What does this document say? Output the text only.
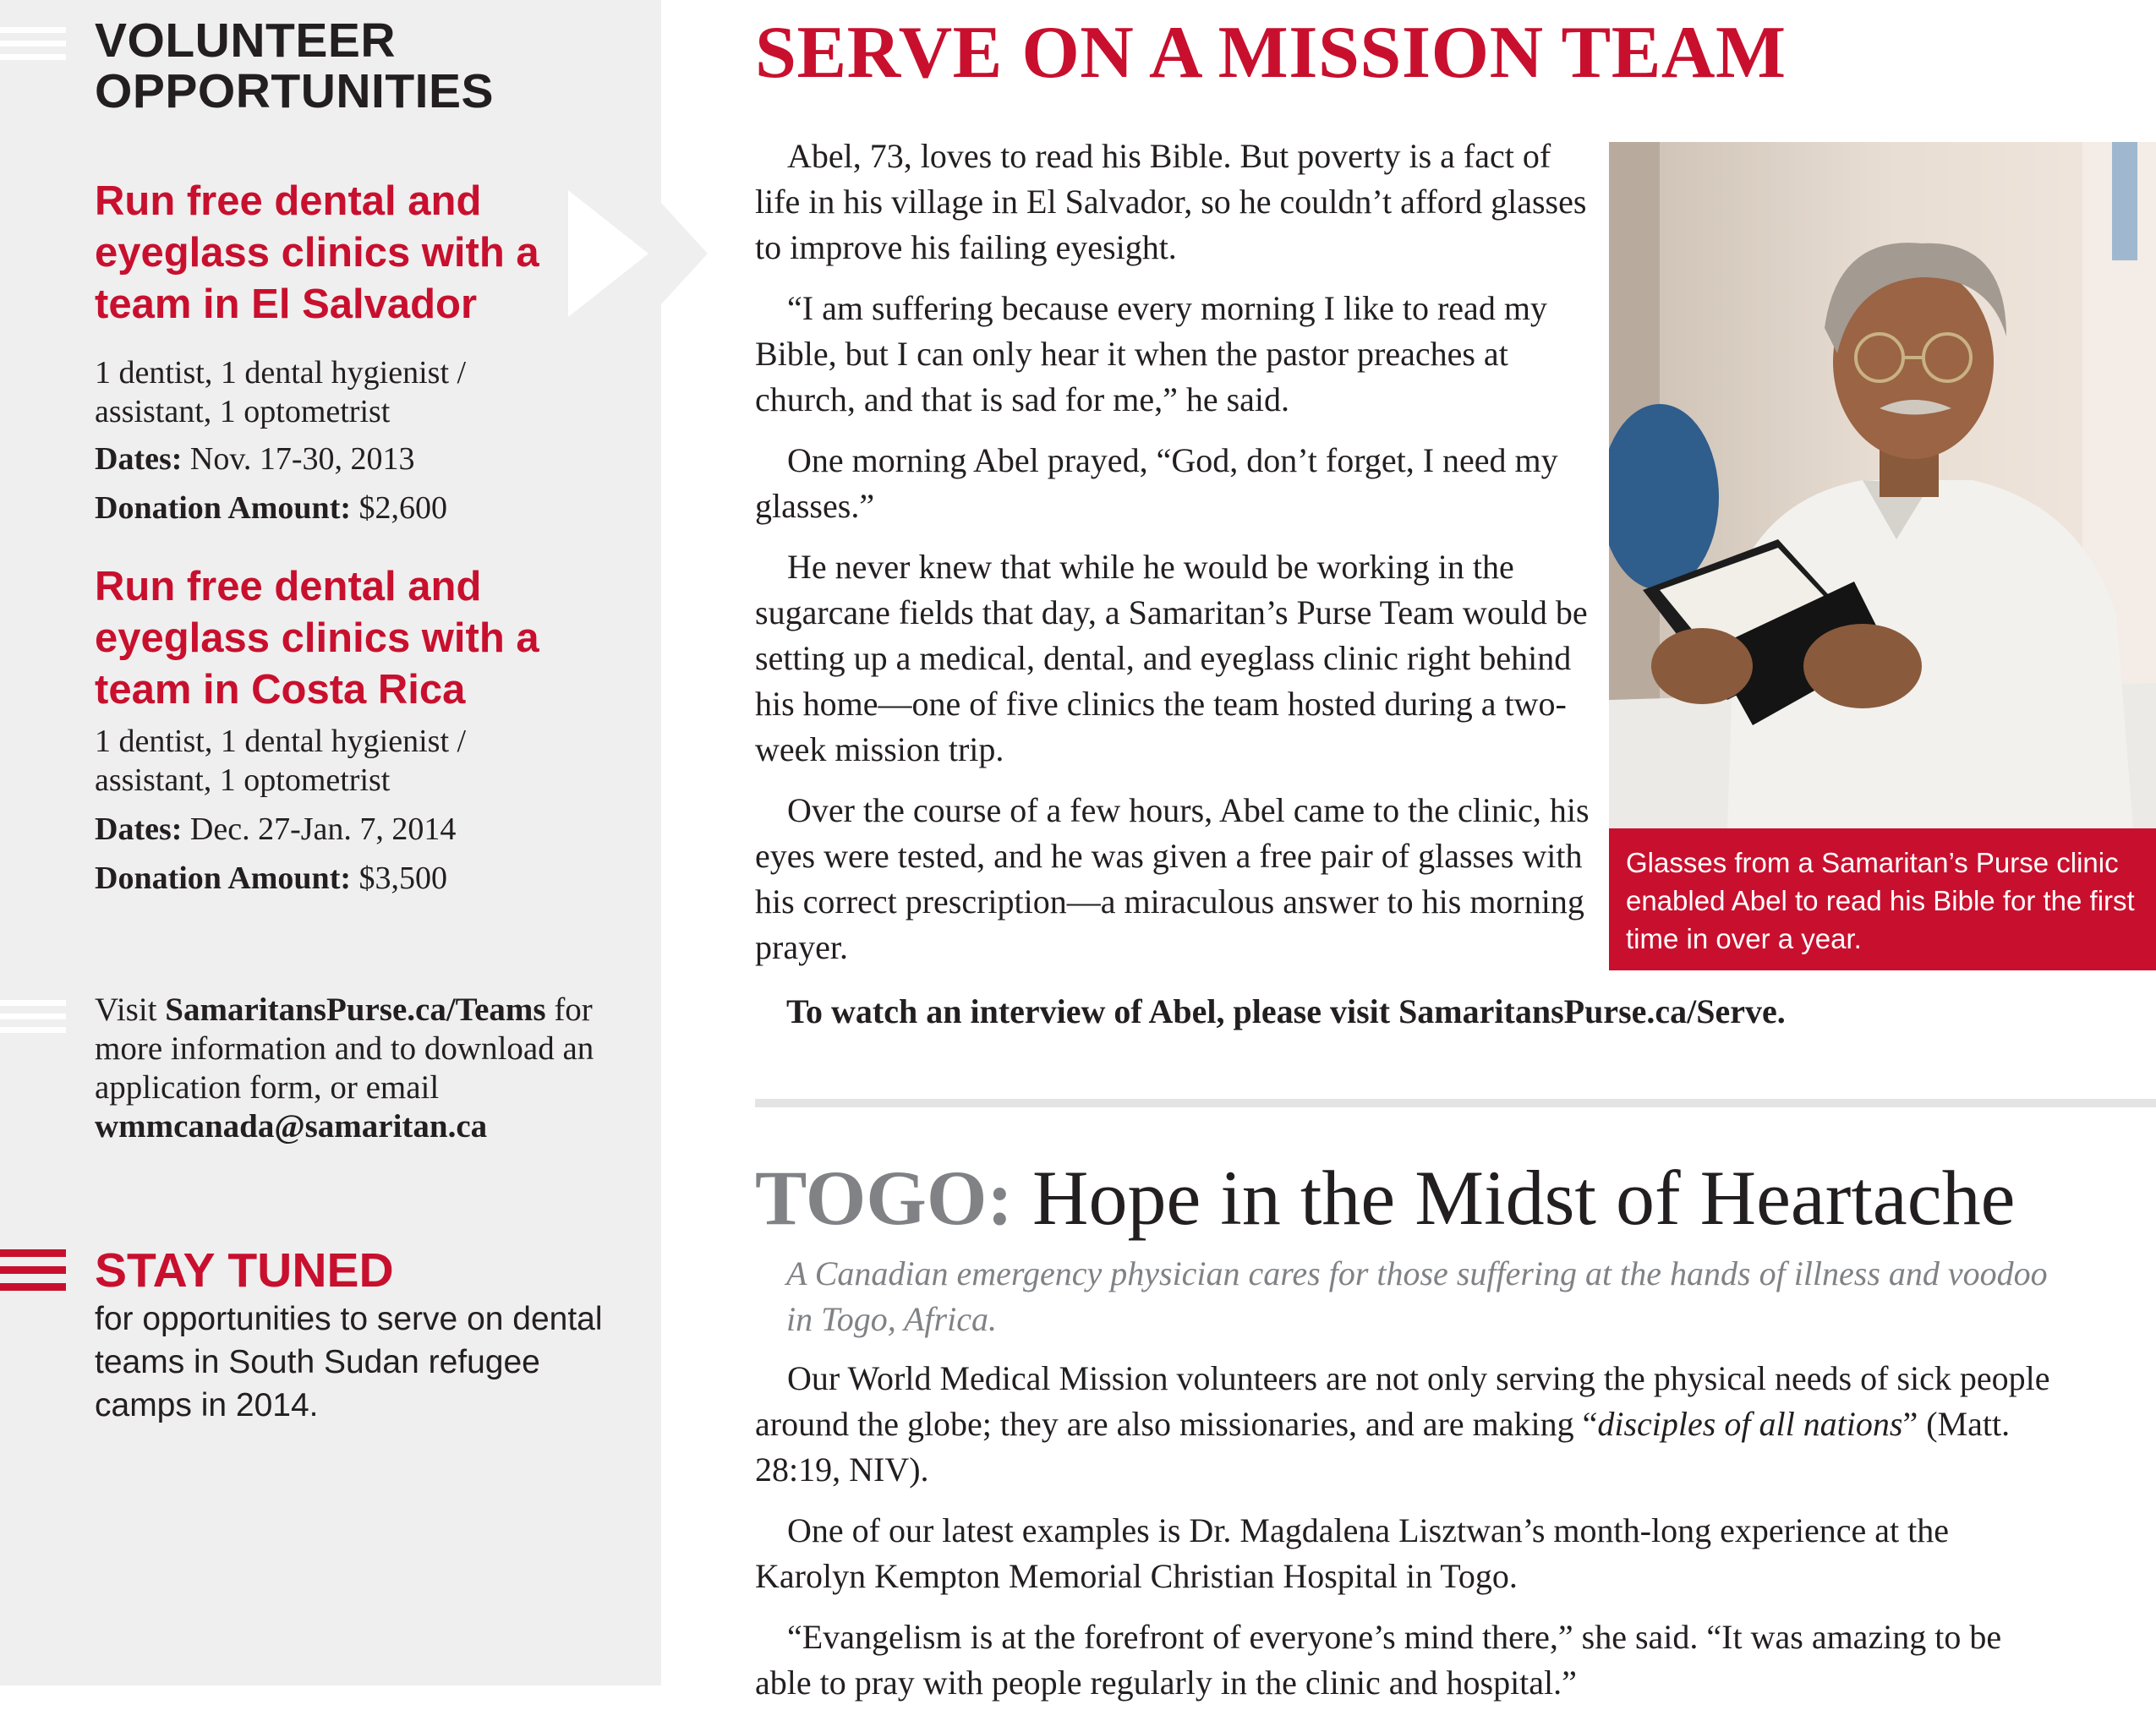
VOLUNTEER
OPPORTUNITIES
Run free dental and
eyeglass clinics with a
team in El Salvador

1 dentist, 1 dental hygienist /
assistant, 1 optometrist

Dates: Nov. 17-30, 2013

Donation Amount: $2,600

Run free dental and
eyeglass clinics with a
team in Costa Rica

1 dentist, 1 dental hygienist /
assistant, 1 optometrist

Dates: Dec. 27-Jan. 7, 2014

Donation Amount: $3,500

Visit SamaritansPurse.ca/Teams for more information and to download an application form, or email wmmcanada@samaritan.ca

STAY TUNED

for opportunities to serve on dental teams in South Sudan refugee camps in 2014.

SERVE ON A MISSION TEAM

Abel, 73, loves to read his Bible. But poverty is a fact of life in his village in El Salvador, so he couldn’t afford glasses to improve his failing eyesight.

“I am suffering because every morning I like to read my Bible, but I can only hear it when the pastor preaches at church, and that is sad for me,” he said.

One morning Abel prayed, “God, don’t forget, I need my glasses.”

He never knew that while he would be working in the sugarcane fields that day, a Samaritan’s Purse Team would be setting up a medical, dental, and eyeglass clinic right behind his home—one of five clinics the team hosted during a two-week mission trip.

Over the course of a few hours, Abel came to the clinic, his eyes were tested, and he was given a free pair of glasses with his correct prescription—a miraculous answer to his morning prayer.

To watch an interview of Abel, please visit SamaritansPurse.ca/Serve.

Glasses from a Samaritan’s Purse clinic enabled Abel to read his Bible for the first time in over a year.

TOGO: Hope in the Midst of Heartache

A Canadian emergency physician cares for those suffering at the hands of illness and voodoo in Togo, Africa.

Our World Medical Mission volunteers are not only serving the physical needs of sick people around the globe; they are also missionaries, and are making “disciples of all nations” (Matt. 28:19, NIV).

One of our latest examples is Dr. Magdalena Lisztwan’s month-long experience at the Karolyn Kempton Memorial Christian Hospital in Togo.

“Evangelism is at the forefront of everyone’s mind there,” she said. “It was amazing to be able to pray with people regularly in the clinic and hospital.”
